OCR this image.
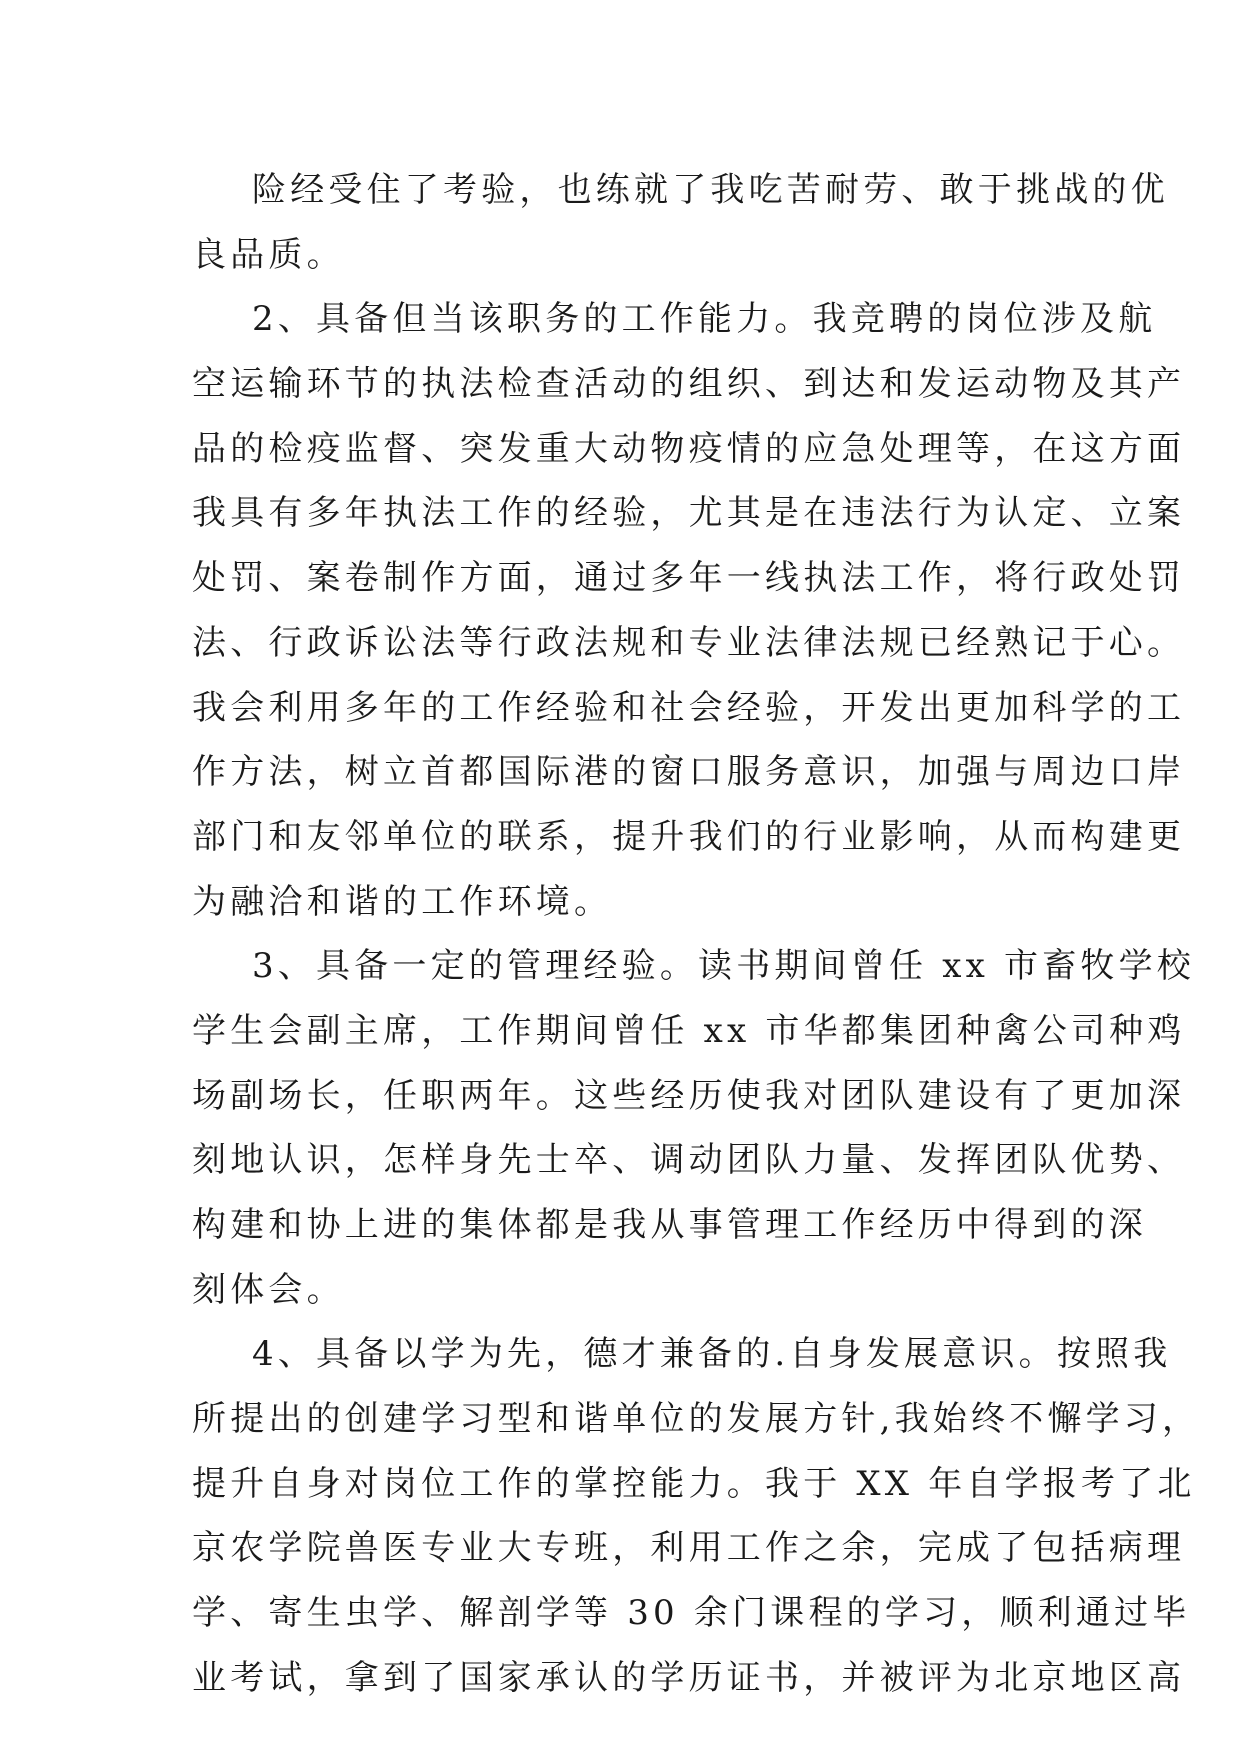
险经受住了考验，也练就了我吃苦耐劳、敢于挑战的优
良品质。
2、具备但当该职务的工作能力。我竞聘的岗位涉及航
空运输环节的执法检查活动的组织、到达和发运动物及其产
品的检疫监督、突发重大动物疫情的应急处理等，在这方面
我具有多年执法工作的经验，尤其是在违法行为认定、立案
处罚、案卷制作方面，通过多年一线执法工作，将行政处罚
法、行政诉讼法等行政法规和专业法律法规已经熟记于心。
我会利用多年的工作经验和社会经验，开发出更加科学的工
作方法，树立首都国际港的窗口服务意识，加强与周边口岸
部门和友邻单位的联系，提升我们的行业影响，从而构建更
为融洽和谐的工作环境。
3、具备一定的管理经验。读书期间曾任 xx 市畜牧学校
学生会副主席，工作期间曾任 xx 市华都集团种禽公司种鸡
场副场长，任职两年。这些经历使我对团队建设有了更加深
刻地认识，怎样身先士卒、调动团队力量、发挥团队优势、
构建和协上进的集体都是我从事管理工作经历中得到的深
刻体会。
4、具备以学为先，德才兼备的.自身发展意识。按照我
所提出的创建学习型和谐单位的发展方针,我始终不懈学习，
提升自身对岗位工作的掌控能力。我于 XX 年自学报考了北
京农学院兽医专业大专班，利用工作之余，完成了包括病理
学、寄生虫学、解剖学等 30 余门课程的学习，顺利通过毕
业考试，拿到了国家承认的学历证书，并被评为北京地区高
